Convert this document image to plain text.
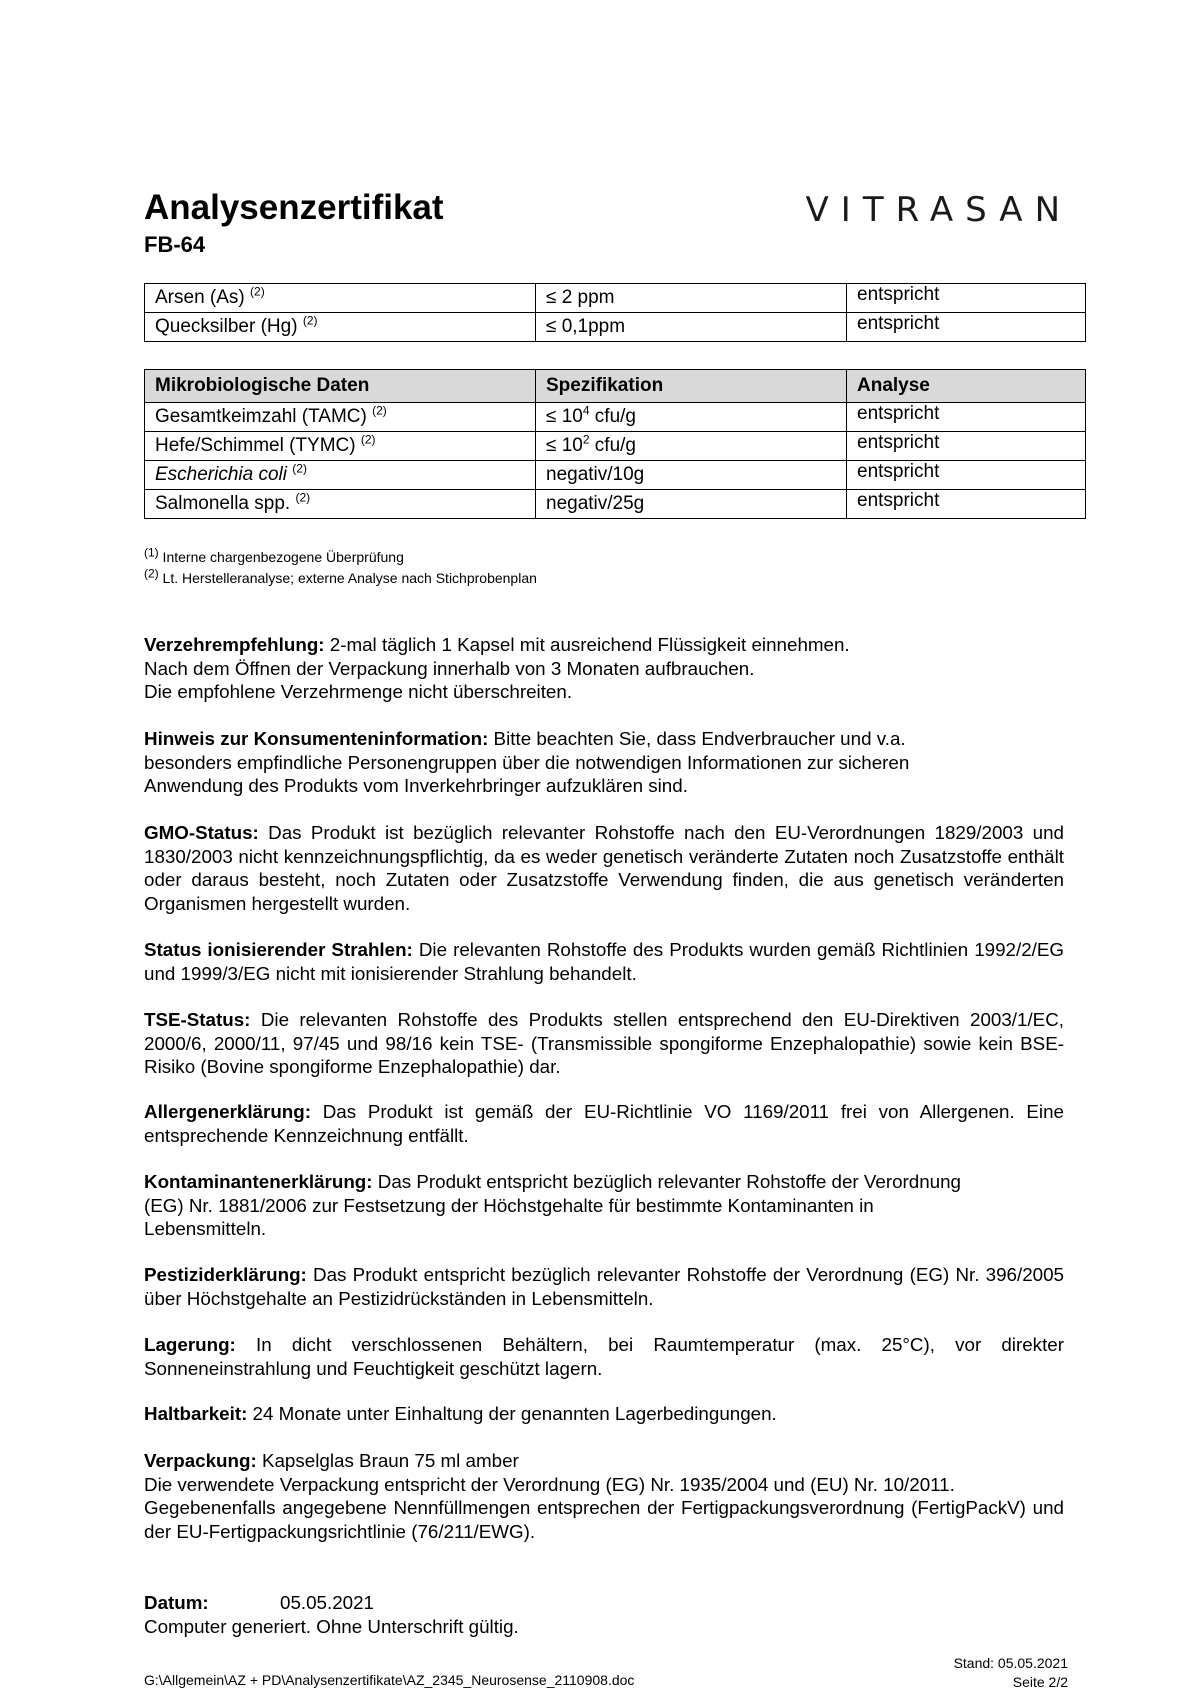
Analysenzertifikat
FB-64
VITRASAN
Arsen (As) $^{(2)}$	≤ 2 ppm	entspricht
Quecksilber (Hg) $^{(2)}$	≤ 0,1ppm	entspricht
Mikrobiologische Daten	Spezifikation	Analyse
Gesamtkeimzahl (TAMC) $^{(2)}$	≤ $10^4$ cfu/g	entspricht
Hefe/Schimmel (TYMC) $^{(2)}$	≤ $10^2$ cfu/g	entspricht
Escherichia coli $^{(2)}$	negativ/10g	entspricht
Salmonella spp. $^{(2)}$	negativ/25g	entspricht
$^{(1)}$ Interne chargenbezogene Überprüfung
$^{(2)}$ Lt. Herstelleranalyse; externe Analyse nach Stichprobenplan
Verzehrempfehlung: 2-mal täglich 1 Kapsel mit ausreichend Flüssigkeit einnehmen.
Nach dem Öffnen der Verpackung innerhalb von 3 Monaten aufbrauchen.
Die empfohlene Verzehrmenge nicht überschreiten.
Hinweis zur Konsumenteninformation: Bitte beachten Sie, dass Endverbraucher und v.a.
besonders empfindliche Personengruppen über die notwendigen Informationen zur sicheren
Anwendung des Produkts vom Inverkehrbringer aufzuklären sind.
GMO-Status: Das Produkt ist bezüglich relevanter Rohstoffe nach den EU-Verordnungen 1829/2003 und 1830/2003 nicht kennzeichnungspflichtig, da es weder genetisch veränderte Zutaten noch Zusatzstoffe enthält oder daraus besteht, noch Zutaten oder Zusatzstoffe Verwendung finden, die aus genetisch veränderten Organismen hergestellt wurden.
Status ionisierender Strahlen: Die relevanten Rohstoffe des Produkts wurden gemäß Richtlinien 1992/2/EG und 1999/3/EG nicht mit ionisierender Strahlung behandelt.
TSE-Status: Die relevanten Rohstoffe des Produkts stellen entsprechend den EU-Direktiven 2003/1/EC, 2000/6, 2000/11, 97/45 und 98/16 kein TSE- (Transmissible spongiforme Enzephalopathie) sowie kein BSE-Risiko (Bovine spongiforme Enzephalopathie) dar.
Allergenerklärung: Das Produkt ist gemäß der EU-Richtlinie VO 1169/2011 frei von Allergenen. Eine entsprechende Kennzeichnung entfällt.
Kontaminantenerklärung: Das Produkt entspricht bezüglich relevanter Rohstoffe der Verordnung
(EG) Nr. 1881/2006 zur Festsetzung der Höchstgehalte für bestimmte Kontaminanten in
Lebensmitteln.
Pestiziderklärung: Das Produkt entspricht bezüglich relevanter Rohstoffe der Verordnung (EG) Nr. 396/2005 über Höchstgehalte an Pestizidrückständen in Lebensmitteln.
Lagerung: In dicht verschlossenen Behältern, bei Raumtemperatur (max. 25°C), vor direkter Sonneneinstrahlung und Feuchtigkeit geschützt lagern.
Haltbarkeit: 24 Monate unter Einhaltung der genannten Lagerbedingungen.
Verpackung: Kapselglas Braun 75 ml amber
Die verwendete Verpackung entspricht der Verordnung (EG) Nr. 1935/2004 und (EU) Nr. 10/2011.

Gegebenenfalls angegebene Nennfüllmengen entsprechen der Fertigpackungsverordnung (FertigPackV) und der EU-Fertigpackungsrichtlinie (76/211/EWG).
Datum:	05.05.2021
Computer generiert. Ohne Unterschrift gültig.
G:\Allgemein\AZ + PD\Analysenzertifikate\AZ_2345_Neurosense_2110908.doc
Stand: 05.05.2021
Seite 2/2
